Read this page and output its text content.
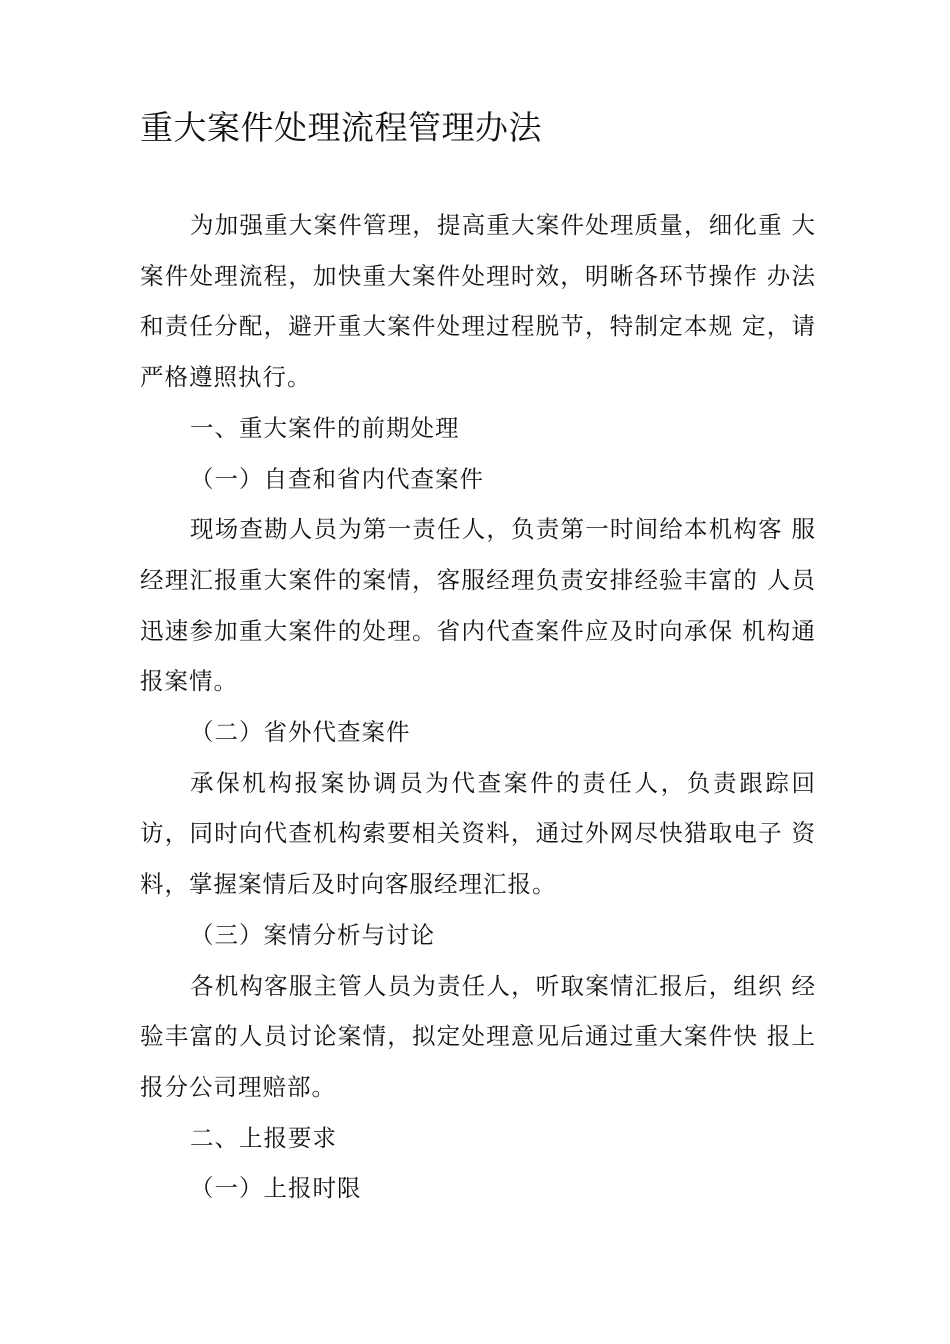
重大案件处理流程管理办法

为加强重大案件管理，提高重大案件处理质量，细化重 大案件处理流程，加快重大案件处理时效，明晰各环节操作 办法和责任分配，避开重大案件处理过程脱节，特制定本规 定，请严格遵照执行。

一、重大案件的前期处理

（一）自查和省内代查案件

现场查勘人员为第一责任人，负责第一时间给本机构客 服经理汇报重大案件的案情，客服经理负责安排经验丰富的 人员迅速参加重大案件的处理。省内代查案件应及时向承保 机构通报案情。

（二）省外代查案件

承保机构报案协调员为代查案件的责任人，负责跟踪回访，同时向代查机构索要相关资料，通过外网尽快猎取电子 资料，掌握案情后及时向客服经理汇报。

（三）案情分析与讨论

各机构客服主管人员为责任人，听取案情汇报后，组织 经验丰富的人员讨论案情，拟定处理意见后通过重大案件快 报上报分公司理赔部。

二、上报要求

（一）上报时限
